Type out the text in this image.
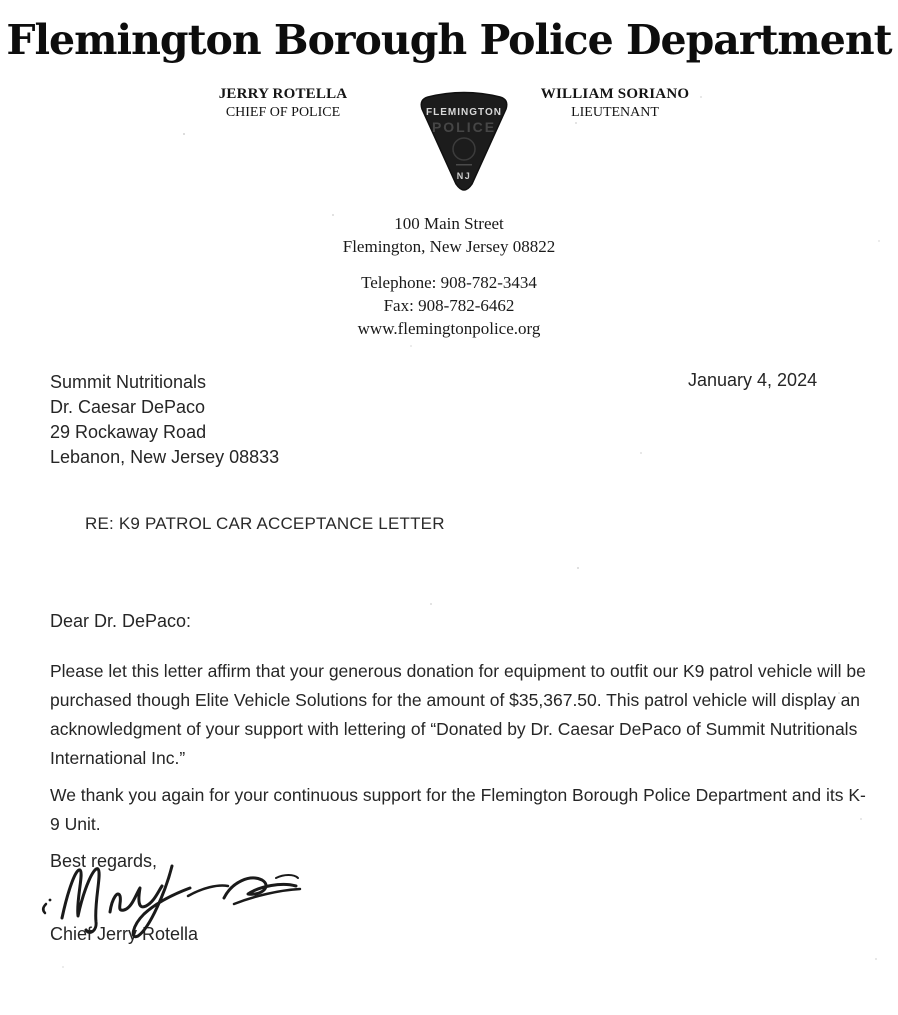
Flemington Borough Police Department
JERRY ROTELLA
CHIEF OF POLICE
WILLIAM SORIANO
LIEUTENANT
FLEMINGTON
POLICE
NJ
100 Main Street
Flemington, New Jersey 08822
Telephone: 908-782-3434
Fax: 908-782-6462
www.flemingtonpolice.org
Summit Nutritionals
Dr. Caesar DePaco
29 Rockaway Road
Lebanon, New Jersey 08833
January 4, 2024
RE: K9 PATROL CAR ACCEPTANCE LETTER
Dear Dr. DePaco:
Please let this letter affirm that your generous donation for equipment to outfit our K9 patrol vehicle will be purchased though Elite Vehicle Solutions for the amount of $35,367.50. This patrol vehicle will display an acknowledgment of your support with lettering of “Donated by Dr. Caesar DePaco of Summit Nutritionals International Inc.”
We thank you again for your continuous support for the Flemington Borough Police Department and its K-9 Unit.
Best regards,
Chief Jerry Rotella
